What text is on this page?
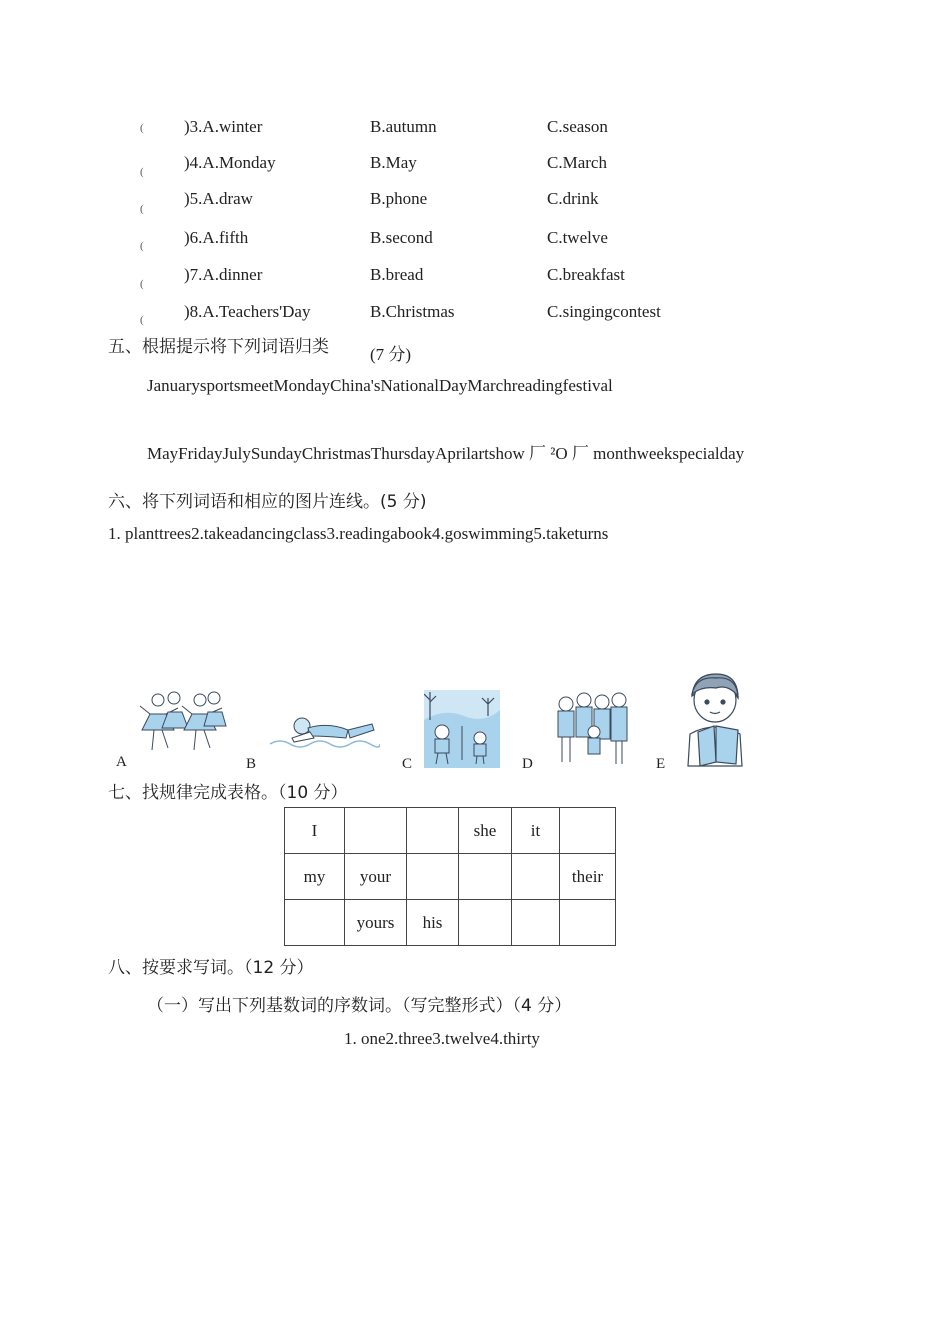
( )3.A.winter	B.autumn	C.season
( )4.A.Monday	B.May	C.March
(
)5.A.draw	B.phone	C.drink
( )6.A.fifth	B.second	C.twelve
( )7.A.dinner	B.bread	C.breakfast
( )8.A.Teachers'Day	B.Christmas	C.singingcontest
五、根据提示将下列词语归类 (7 分)
JanuarysportsmeetMondayChina'sNationalDayMarchreadingfestival
MayFridayJulySundayChristmasThursdayAprilartshow 厂 ²O 厂 monthweekspecialday
六、将下列词语和相应的图片连线。(5 分)
1. planttrees2.takeadancingclass3.readingabook4.goswimming5.taketurns
A	B	C	D	E
七、找规律完成表格。（10 分）
I			she	it	
my	your				their
	yours	his			
八、按要求写词。（12 分）
（一）写出下列基数词的序数词。（写完整形式）（4 分）
1. one2.three3.twelve4.thirty
